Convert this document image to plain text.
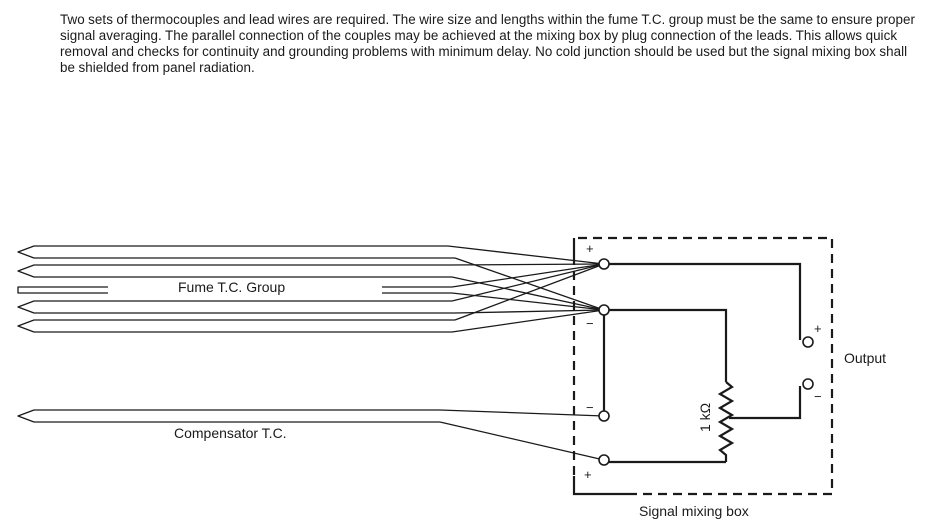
Two sets of thermocouples and lead wires are required. The wire size and lengths within the fume T.C. group must be the same to ensure proper signal averaging. The parallel connection of the couples may be achieved at the mixing box by plug connection of the leads. This allows quick removal and checks for continuity and grounding problems with minimum delay. No cold junction should be used but the signal mixing box shall be shielded from panel radiation.

Fume T.C. Group
Compensator T.C.
Output
1 kΩ
Signal mixing box
+
−
−
+
+
−
